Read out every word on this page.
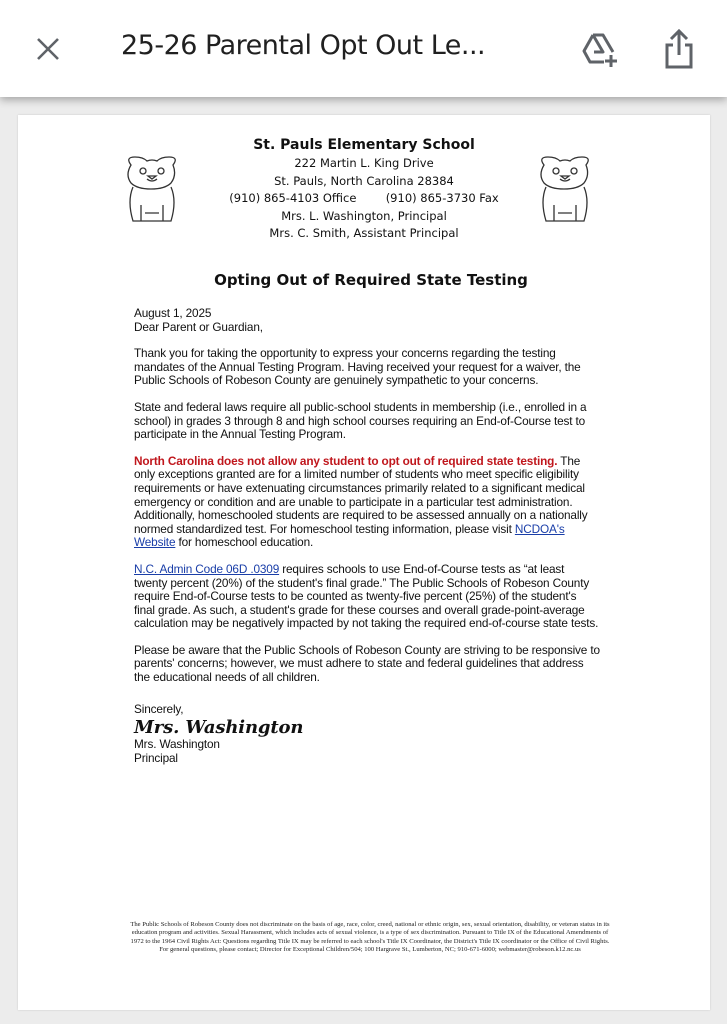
25-26 Parental Opt Out Le...
St. Pauls Elementary School
222 Martin L. King Drive
St. Pauls, North Carolina 28384
(910) 865-4103 Office        (910) 865-3730 Fax
Mrs. L. Washington, Principal
Mrs. C. Smith, Assistant Principal
Opting Out of Required State Testing

August 1, 2025
Dear Parent or Guardian,

Thank you for taking the opportunity to express your concerns regarding the testing mandates of the Annual Testing Program. Having received your request for a waiver, the Public Schools of Robeson County are genuinely sympathetic to your concerns.

State and federal laws require all public-school students in membership (i.e., enrolled in a school) in grades 3 through 8 and high school courses requiring an End-of-Course test to participate in the Annual Testing Program.

North Carolina does not allow any student to opt out of required state testing. The only exceptions granted are for a limited number of students who meet specific eligibility requirements or have extenuating circumstances primarily related to a significant medical emergency or condition and are unable to participate in a particular test administration. Additionally, homeschooled students are required to be assessed annually on a nationally normed standardized test. For homeschool testing information, please visit NCDOA's Website for homeschool education.

N.C. Admin Code 06D .0309 requires schools to use End-of-Course tests as “at least twenty percent (20%) of the student's final grade.” The Public Schools of Robeson County require End-of-Course tests to be counted as twenty-five percent (25%) of the student's final grade. As such, a student's grade for these courses and overall grade-point-average calculation may be negatively impacted by not taking the required end-of-course state tests.

Please be aware that the Public Schools of Robeson County are striving to be responsive to parents' concerns; however, we must adhere to state and federal guidelines that address the educational needs of all children.

Sincerely,
Mrs. Washington
Mrs. Washington
Principal
The Public Schools of Robeson County does not discriminate on the basis of age, race, color, creed, national or ethnic origin, sex, sexual orientation, disability, or veteran status in its education program and activities. Sexual Harassment, which includes acts of sexual violence, is a type of sex discrimination. Pursuant to Title IX of the Educational Amendments of 1972 to the 1964 Civil Rights Act: Questions regarding Title IX may be referred to each school's Title IX Coordinator, the District's Title IX coordinator or the Office of Civil Rights. For general questions, please contact; Director for Exceptional Children/504; 100 Hargrave St., Lumberton, NC; 910-671-6000; webmaster@robeson.k12.nc.us
